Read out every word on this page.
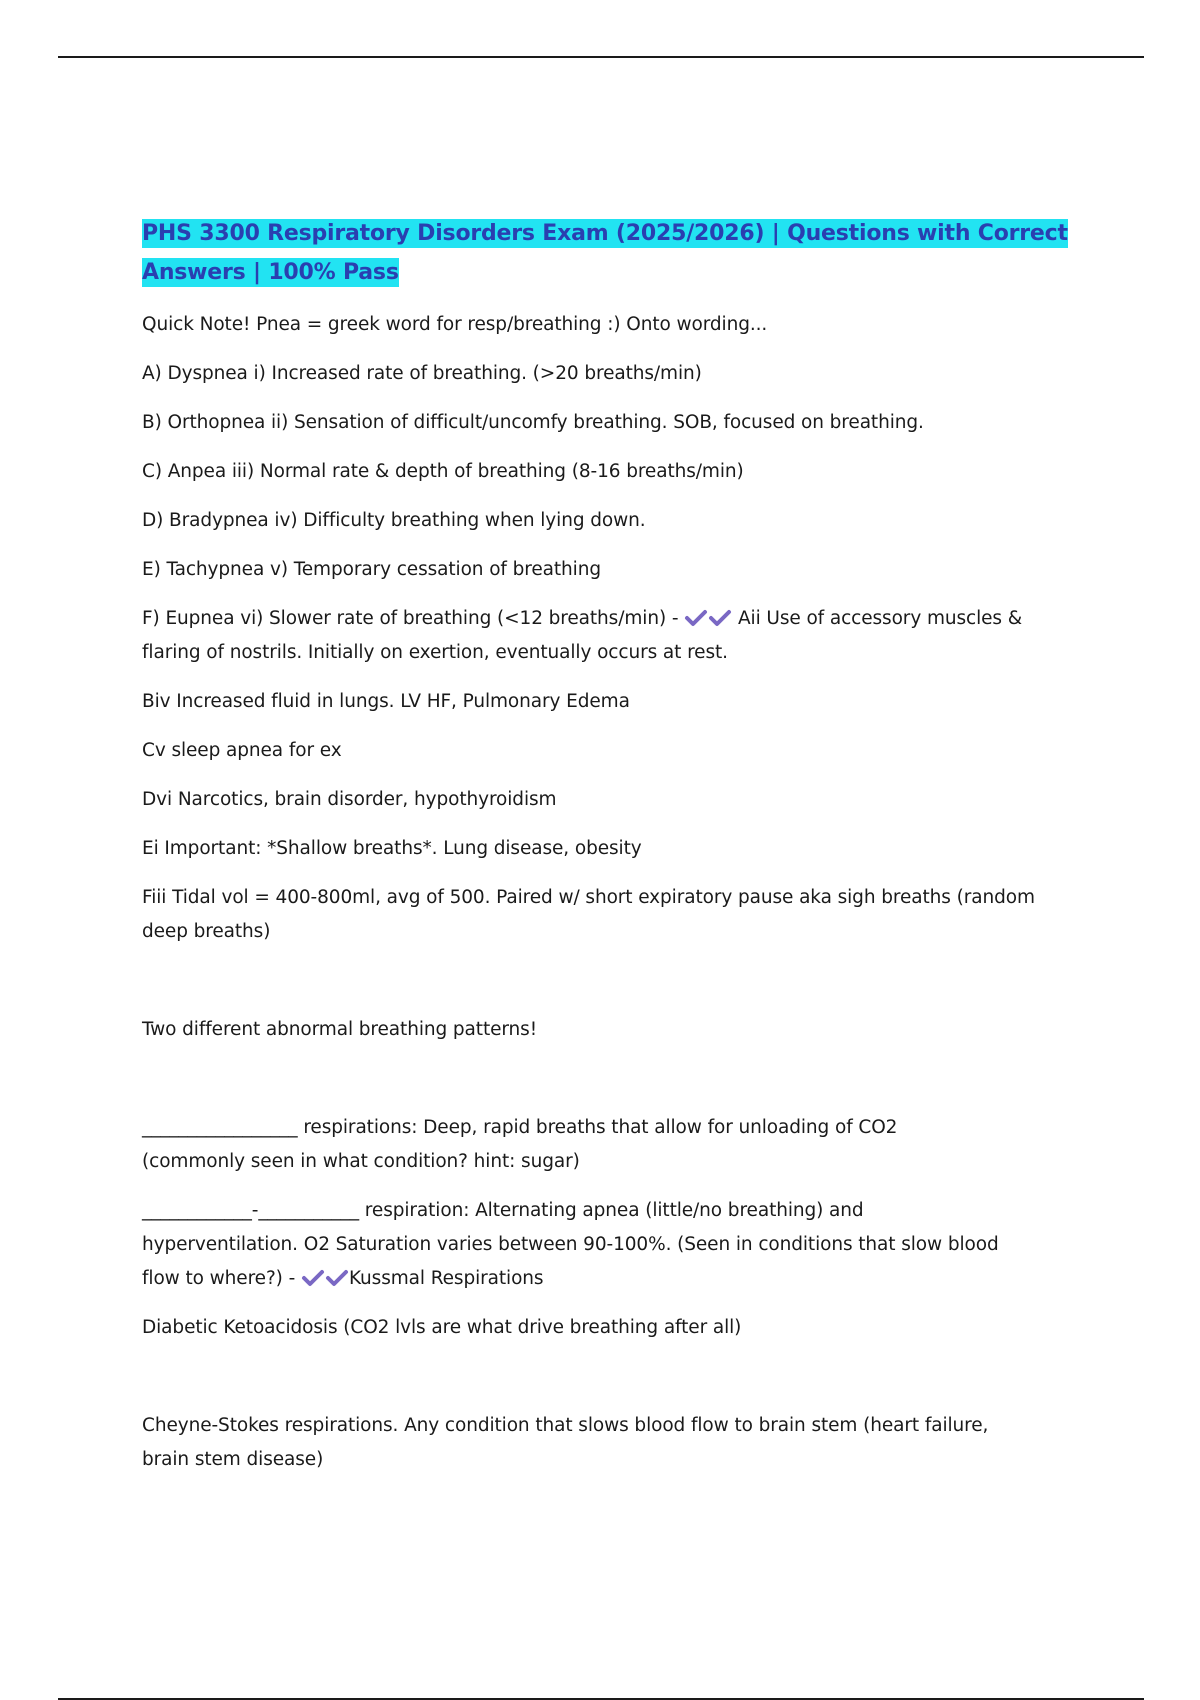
PHS 3300 Respiratory Disorders Exam (2025/2026) | Questions with Correct
Answers | 100% Pass

Quick Note! Pnea = greek word for resp/breathing :) Onto wording...

A) Dyspnea i) Increased rate of breathing. (>20 breaths/min)

B) Orthopnea ii) Sensation of difficult/uncomfy breathing. SOB, focused on breathing.

C) Anpea iii) Normal rate & depth of breathing (8-16 breaths/min)

D) Bradypnea iv) Difficulty breathing when lying down.

E) Tachypnea v) Temporary cessation of breathing

F) Eupnea vi) Slower rate of breathing (<12 breaths/min) -	Aii Use of accessory muscles &
flaring of nostrils. Initially on exertion, eventually occurs at rest.

Biv Increased fluid in lungs. LV HF, Pulmonary Edema

Cv sleep apnea for ex

Dvi Narcotics, brain disorder, hypothyroidism

Ei Important: *Shallow breaths*. Lung disease, obesity

Fiii Tidal vol = 400-800ml, avg of 500. Paired w/ short expiratory pause aka sigh breaths (random
deep breaths)

Two different abnormal breathing patterns!

_________________ respirations: Deep, rapid breaths that allow for unloading of CO2
(commonly seen in what condition? hint: sugar)

____________-___________ respiration: Alternating apnea (little/no breathing) and
hyperventilation. O2 Saturation varies between 90-100%. (Seen in conditions that slow blood
flow to where?) -	Kussmal Respirations

Diabetic Ketoacidosis (CO2 lvls are what drive breathing after all)

Cheyne-Stokes respirations. Any condition that slows blood flow to brain stem (heart failure,
brain stem disease)
